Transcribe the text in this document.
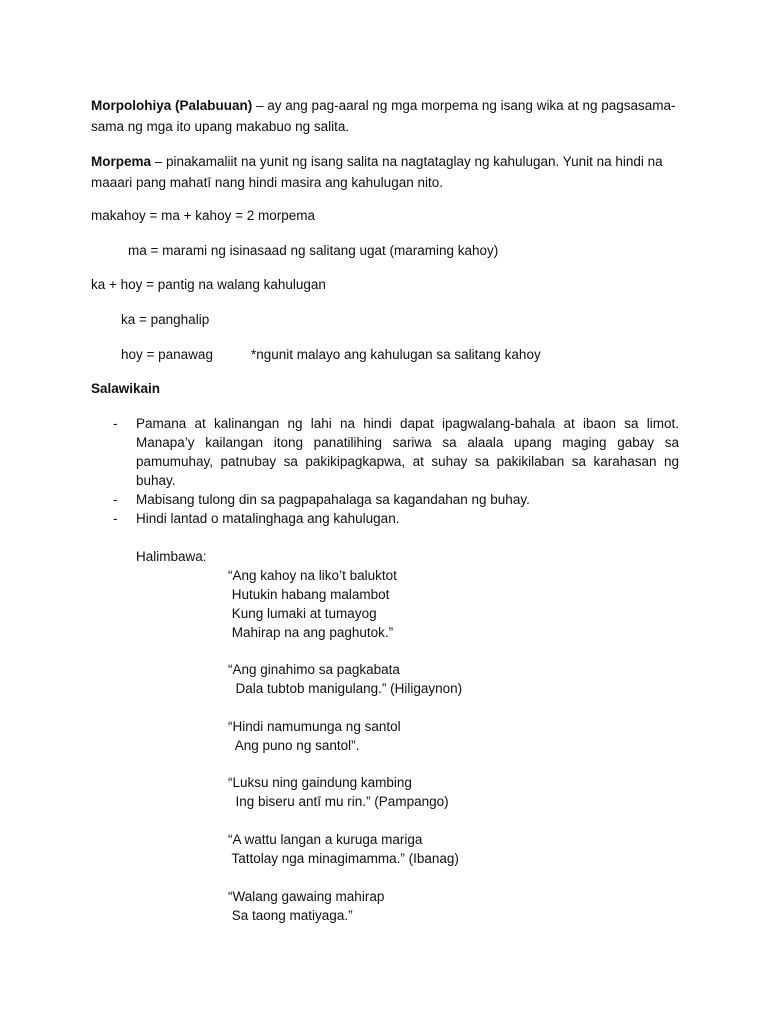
Morpolohiya (Palabuuan) – ay ang pag-aaral ng mga morpema ng isang wika at ng pagsasama-sama ng mga ito upang makabuo ng salita.
Morpema – pinakamaliit na yunit ng isang salita na nagtataglay ng kahulugan. Yunit na hindi na maaari pang mahatī nang hindi masira ang kahulugan nito.
makahoy = ma + kahoy = 2 morpema
ma = marami ng isinasaad ng salitang ugat (maraming kahoy)
ka + hoy = pantig na walang kahulugan
ka = panghalip
hoy = panawag	*ngunit malayo ang kahulugan sa salitang kahoy
Salawikain
- Pamana at kalinangan ng lahi na hindi dapat ipagwalang-bahala at ibaon sa limot. Manapa’y kailangan itong panatilihing sariwa sa alaala upang maging gabay sa pamumuhay, patnubay sa pakikipagkapwa, at suhay sa pakikilaban sa karahasan ng buhay.
- Mabisang tulong din sa pagpapahalaga sa kagandahan ng buhay.
- Hindi lantad o matalinghaga ang kahulugan.
Halimbawa:
“Ang kahoy na liko’t baluktot
Hutukin habang malambot
Kung lumaki at tumayog
Mahirap na ang paghutok.”
“Ang ginahimo sa pagkabata
Dala tubtob manigulang.” (Hiligaynon)
“Hindi namumunga ng santol
Ang puno ng santol”.
“Luksu ning gaindung kambing
Ing biseru antī mu rin.” (Pampango)
“A wattu langan a kuruga mariga
Tattolay nga minagimamma.” (Ibanag)
“Walang gawaing mahirap
Sa taong matiyaga.”
